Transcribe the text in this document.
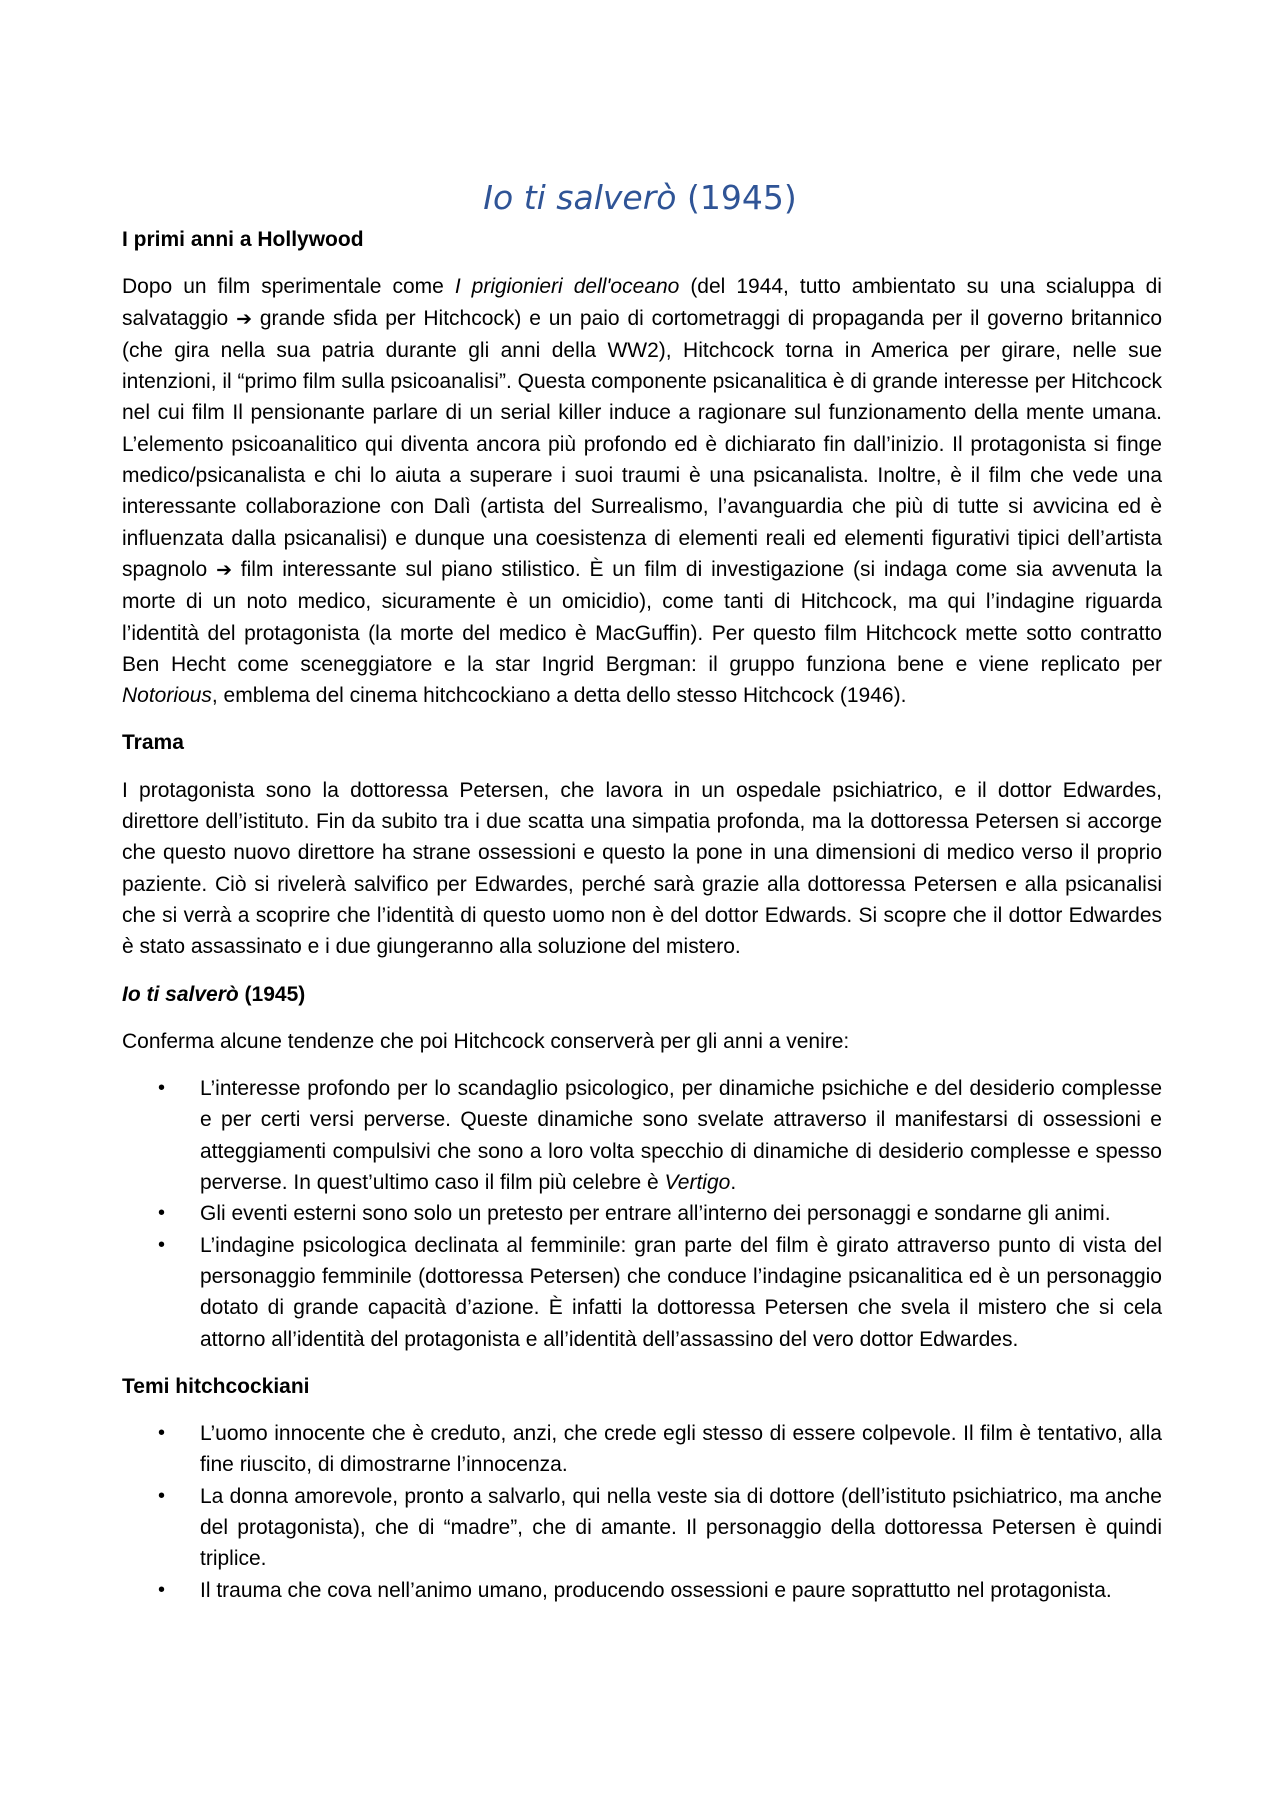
Io ti salverò (1945)
I primi anni a Hollywood

Dopo un film sperimentale come I prigionieri dell'oceano (del 1944, tutto ambientato su una scialuppa di salvataggio ➔ grande sfida per Hitchcock) e un paio di cortometraggi di propaganda per il governo britannico (che gira nella sua patria durante gli anni della WW2), Hitchcock torna in America per girare, nelle sue intenzioni, il “primo film sulla psicoanalisi”. Questa componente psicanalitica è di grande interesse per Hitchcock nel cui film Il pensionante parlare di un serial killer induce a ragionare sul funzionamento della mente umana. L’elemento psicoanalitico qui diventa ancora più profondo ed è dichiarato fin dall’inizio. Il protagonista si finge medico/psicanalista e chi lo aiuta a superare i suoi traumi è una psicanalista. Inoltre, è il film che vede una interessante collaborazione con Dalì (artista del Surrealismo, l’avanguardia che più di tutte si avvicina ed è influenzata dalla psicanalisi) e dunque una coesistenza di elementi reali ed elementi figurativi tipici dell’artista spagnolo ➔ film interessante sul piano stilistico. È un film di investigazione (si indaga come sia avvenuta la morte di un noto medico, sicuramente è un omicidio), come tanti di Hitchcock, ma qui l’indagine riguarda l’identità del protagonista (la morte del medico è MacGuffin). Per questo film Hitchcock mette sotto contratto Ben Hecht come sceneggiatore e la star Ingrid Bergman: il gruppo funziona bene e viene replicato per Notorious, emblema del cinema hitchcockiano a detta dello stesso Hitchcock (1946).

Trama

I protagonista sono la dottoressa Petersen, che lavora in un ospedale psichiatrico, e il dottor Edwardes, direttore dell’istituto. Fin da subito tra i due scatta una simpatia profonda, ma la dottoressa Petersen si accorge che questo nuovo direttore ha strane ossessioni e questo la pone in una dimensioni di medico verso il proprio paziente. Ciò si rivelerà salvifico per Edwardes, perché sarà grazie alla dottoressa Petersen e alla psicanalisi che si verrà a scoprire che l’identità di questo uomo non è del dottor Edwards. Si scopre che il dottor Edwardes è stato assassinato e i due giungeranno alla soluzione del mistero.

Io ti salverò (1945)

Conferma alcune tendenze che poi Hitchcock conserverà per gli anni a venire:

• L’interesse profondo per lo scandaglio psicologico, per dinamiche psichiche e del desiderio complesse e per certi versi perverse. Queste dinamiche sono svelate attraverso il manifestarsi di ossessioni e atteggiamenti compulsivi che sono a loro volta specchio di dinamiche di desiderio complesse e spesso perverse. In quest’ultimo caso il film più celebre è Vertigo.
• Gli eventi esterni sono solo un pretesto per entrare all’interno dei personaggi e sondarne gli animi.
• L’indagine psicologica declinata al femminile: gran parte del film è girato attraverso punto di vista del personaggio femminile (dottoressa Petersen) che conduce l’indagine psicanalitica ed è un personaggio dotato di grande capacità d’azione. È infatti la dottoressa Petersen che svela il mistero che si cela attorno all’identità del protagonista e all’identità dell’assassino del vero dottor Edwardes.
Temi hitchcockiani
• L’uomo innocente che è creduto, anzi, che crede egli stesso di essere colpevole. Il film è tentativo, alla fine riuscito, di dimostrarne l’innocenza.
• La donna amorevole, pronto a salvarlo, qui nella veste sia di dottore (dell’istituto psichiatrico, ma anche del protagonista), che di “madre”, che di amante. Il personaggio della dottoressa Petersen è quindi triplice.
• Il trauma che cova nell’animo umano, producendo ossessioni e paure soprattutto nel protagonista.
